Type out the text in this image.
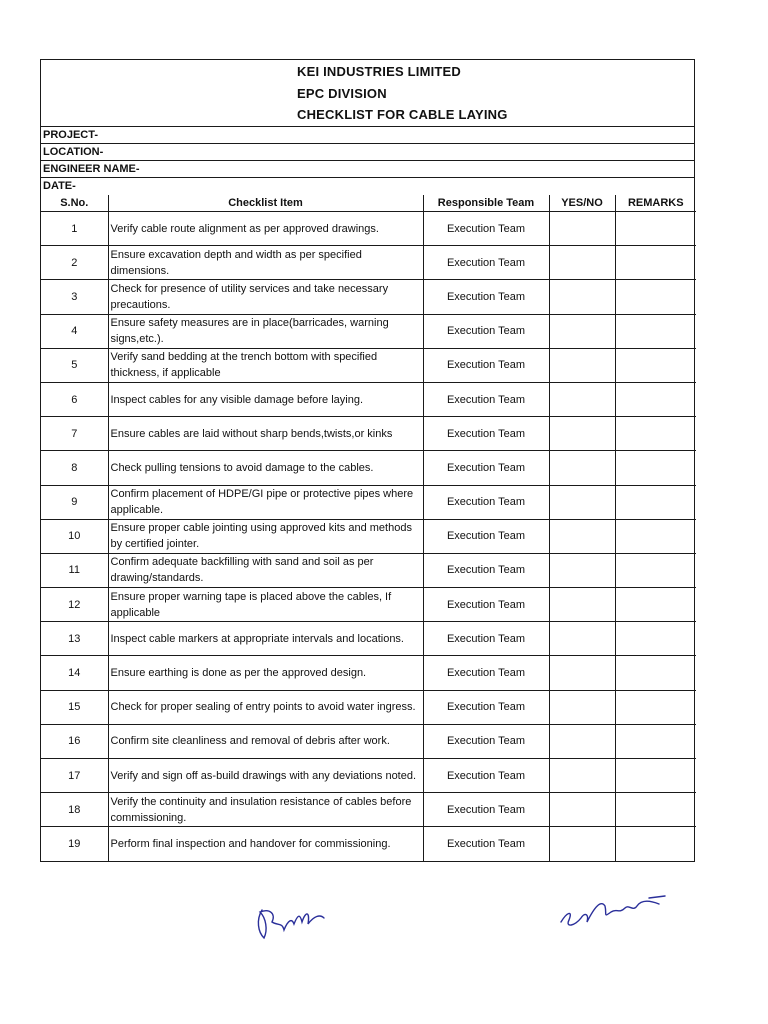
KEI INDUSTRIES LIMITED
EPC DIVISION
CHECKLIST FOR CABLE LAYING
PROJECT-
LOCATION-
ENGINEER NAME-
DATE-
S.No.	Checklist Item	Responsible Team	YES/NO	REMARKS
1	Verify cable route alignment as per approved drawings.	Execution Team		
2	Ensure excavation depth and width as per specified dimensions.	Execution Team		
3	Check for presence of utility services and take necessary precautions.	Execution Team		
4	Ensure safety measures are in place(barricades, warning signs,etc.).	Execution Team		
5	Verify sand bedding at the trench bottom with specified thickness, if applicable	Execution Team		
6	Inspect cables for any visible damage before laying.	Execution Team		
7	Ensure cables are laid without sharp bends,twists,or kinks	Execution Team		
8	Check pulling tensions to avoid damage to the cables.	Execution Team		
9	Confirm placement of HDPE/GI pipe or protective pipes where applicable.	Execution Team		
10	Ensure proper cable jointing using approved kits and methods by certified jointer.	Execution Team		
11	Confirm adequate backfilling with sand and soil as per drawing/standards.	Execution Team		
12	Ensure proper warning tape is placed above the cables, If applicable	Execution Team		
13	Inspect cable markers at appropriate intervals and locations.	Execution Team		
14	Ensure earthing is done as per the approved design.	Execution Team		
15	Check for proper sealing of entry points to avoid water ingress.	Execution Team		
16	Confirm site cleanliness and removal of debris after work.	Execution Team		
17	Verify and sign off as-build drawings with any deviations noted.	Execution Team		
18	Verify the continuity and insulation resistance of cables before commissioning.	Execution Team		
19	Perform final inspection and handover for commissioning.	Execution Team		
